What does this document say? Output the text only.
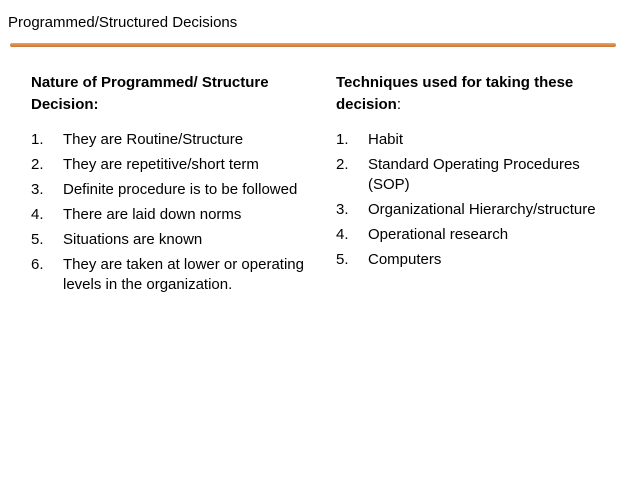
Programmed/Structured Decisions
Nature of Programmed/ Structure Decision:
1.	They are Routine/Structure
2.	They are repetitive/short term
3.	Definite procedure is to be followed
4.	There are laid down norms
5.	Situations are known
6.	They are taken at lower or operating levels in the organization.
Techniques used for taking these decision:
1.	Habit
2.	Standard Operating Procedures (SOP)
3.	Organizational Hierarchy/structure
4.	Operational research
5.	Computers
